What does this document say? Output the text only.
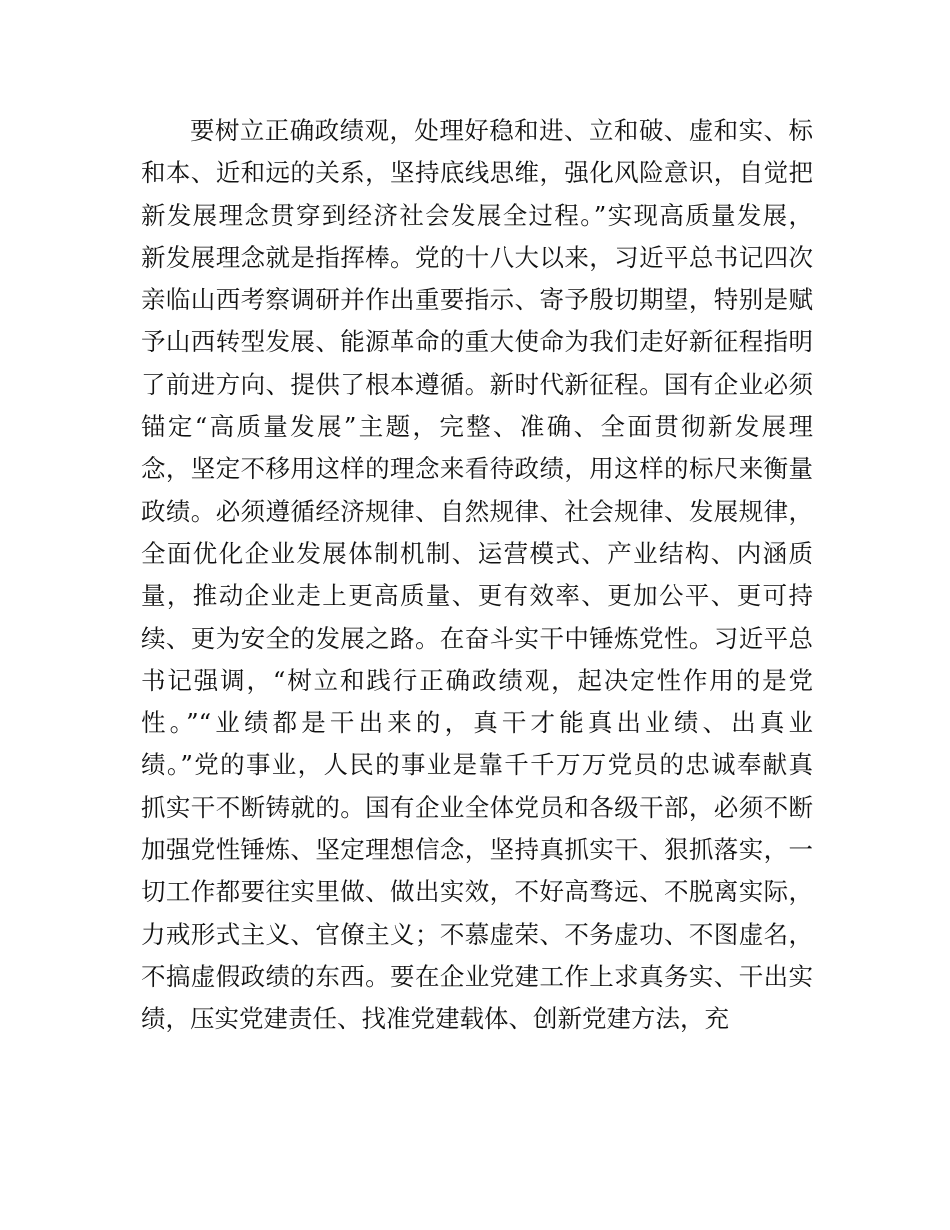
要树立正确政绩观，处理好稳和进、立和破、虚和实、标

和本、近和远的关系，坚持底线思维，强化风险意识，自觉把

新发展理念贯穿到经济社会发展全过程。”实现高质量发展，

新发展理念就是指挥棒。党的十八大以来，习近平总书记四次

亲临山西考察调研并作出重要指示、寄予殷切期望，特别是赋

予山西转型发展、能源革命的重大使命为我们走好新征程指明

了前进方向、提供了根本遵循。新时代新征程。国有企业必须

锚定“高质量发展”主题，完整、准确、全面贯彻新发展理

念，坚定不移用这样的理念来看待政绩，用这样的标尺来衡量

政绩。必须遵循经济规律、自然规律、社会规律、发展规律，

全面优化企业发展体制机制、运营模式、产业结构、内涵质

量，推动企业走上更高质量、更有效率、更加公平、更可持

续、更为安全的发展之路。在奋斗实干中锤炼党性。习近平总

书记强调，“树立和践行正确政绩观，起决定性作用的是党

性。”“业绩都是干出来的，真干才能真出业绩、出真业

绩。”党的事业，人民的事业是靠千千万万党员的忠诚奉献真

抓实干不断铸就的。国有企业全体党员和各级干部，必须不断

加强党性锤炼、坚定理想信念，坚持真抓实干、狠抓落实，一

切工作都要往实里做、做出实效，不好高骛远、不脱离实际，

力戒形式主义、官僚主义；不慕虚荣、不务虚功、不图虚名，

不搞虚假政绩的东西。要在企业党建工作上求真务实、干出实

绩，压实党建责任、找准党建载体、创新党建方法，充
